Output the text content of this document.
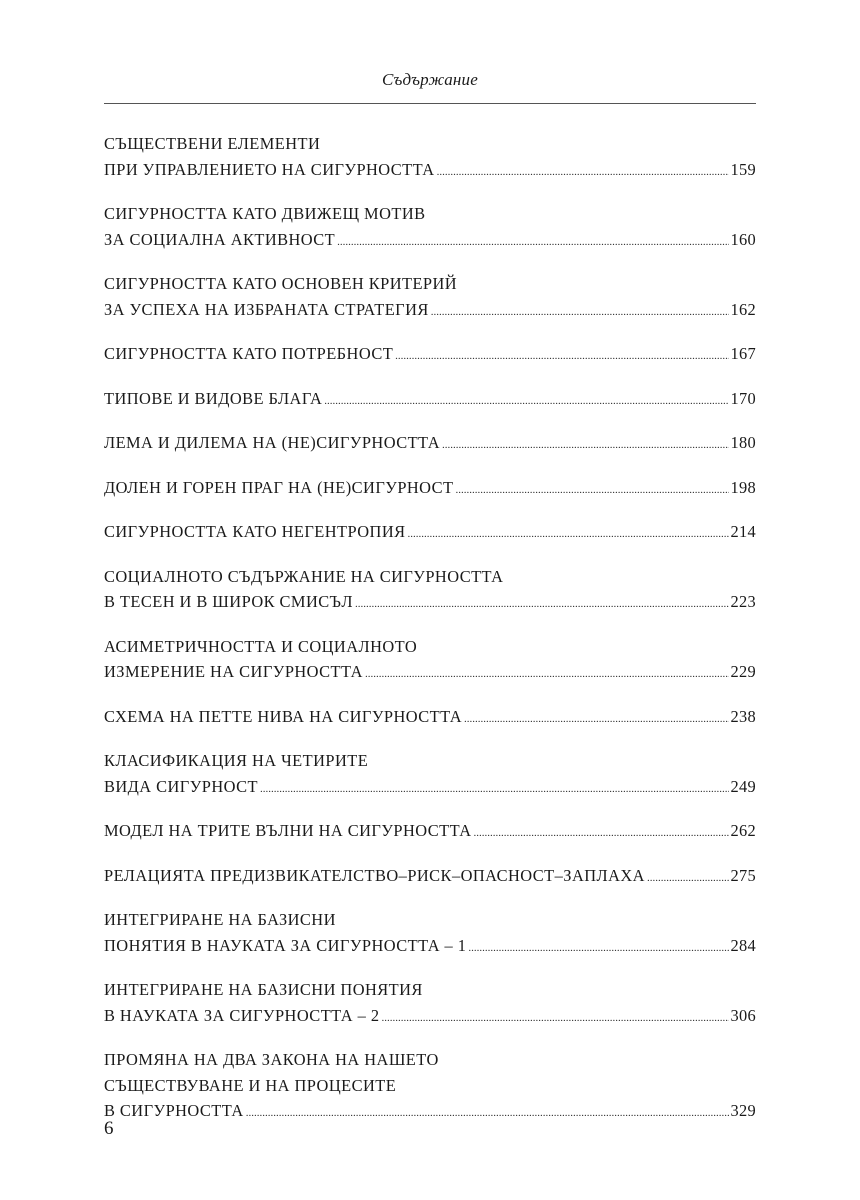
Съдържание
СЪЩЕСТВЕНИ ЕЛЕМЕНТИ
ПРИ УПРАВЛЕНИЕТО НА СИГУРНОСТТА .....	159
СИГУРНОСТТА КАТО ДВИЖЕЩ МОТИВ
ЗА СОЦИАЛНА АКТИВНОСТ .....	160
СИГУРНОСТТА КАТО ОСНОВЕН КРИТЕРИЙ
ЗА УСПЕХА НА ИЗБРАНАТА СТРАТЕГИЯ .....	162
СИГУРНОСТТА КАТО ПОТРЕБНОСТ .....	167
ТИПОВЕ И ВИДОВЕ БЛАГА .....	170
ЛЕМА И ДИЛЕМА НА (НЕ)СИГУРНОСТТА .....	180
ДОЛЕН И ГОРЕН ПРАГ НА (НЕ)СИГУРНОСТ .....	198
СИГУРНОСТТА КАТО НЕГЕНТРОПИЯ .....	214
СОЦИАЛНОТО СЪДЪРЖАНИЕ НА СИГУРНОСТТА
В ТЕСЕН И В ШИРОК СМИСЪЛ .....	223
АСИМЕТРИЧНОСТТА И СОЦИАЛНОТО
ИЗМЕРЕНИЕ НА СИГУРНОСТТА .....	229
СХЕМА НА ПЕТТЕ НИВА НА СИГУРНОСТТА .....	238
КЛАСИФИКАЦИЯ НА ЧЕТИРИТЕ
ВИДА СИГУРНОСТ .....	249
МОДЕЛ НА ТРИТЕ ВЪЛНИ НА СИГУРНОСТТА .....	262
РЕЛАЦИЯТА ПРЕДИЗВИКАТЕЛСТВО–РИСК–ОПАСНОСТ–ЗАПЛАХА .....	275
ИНТЕГРИРАНЕ НА БАЗИСНИ
ПОНЯТИЯ В НАУКАТА ЗА СИГУРНОСТТА – 1 .....	284
ИНТЕГРИРАНЕ НА БАЗИСНИ ПОНЯТИЯ
В НАУКАТА ЗА СИГУРНОСТТА – 2 .....	306
ПРОМЯНА НА ДВА ЗАКОНА НА НАШЕТО
СЪЩЕСТВУВАНЕ И НА ПРОЦЕСИТЕ
В СИГУРНОСТТА .....	329
6
